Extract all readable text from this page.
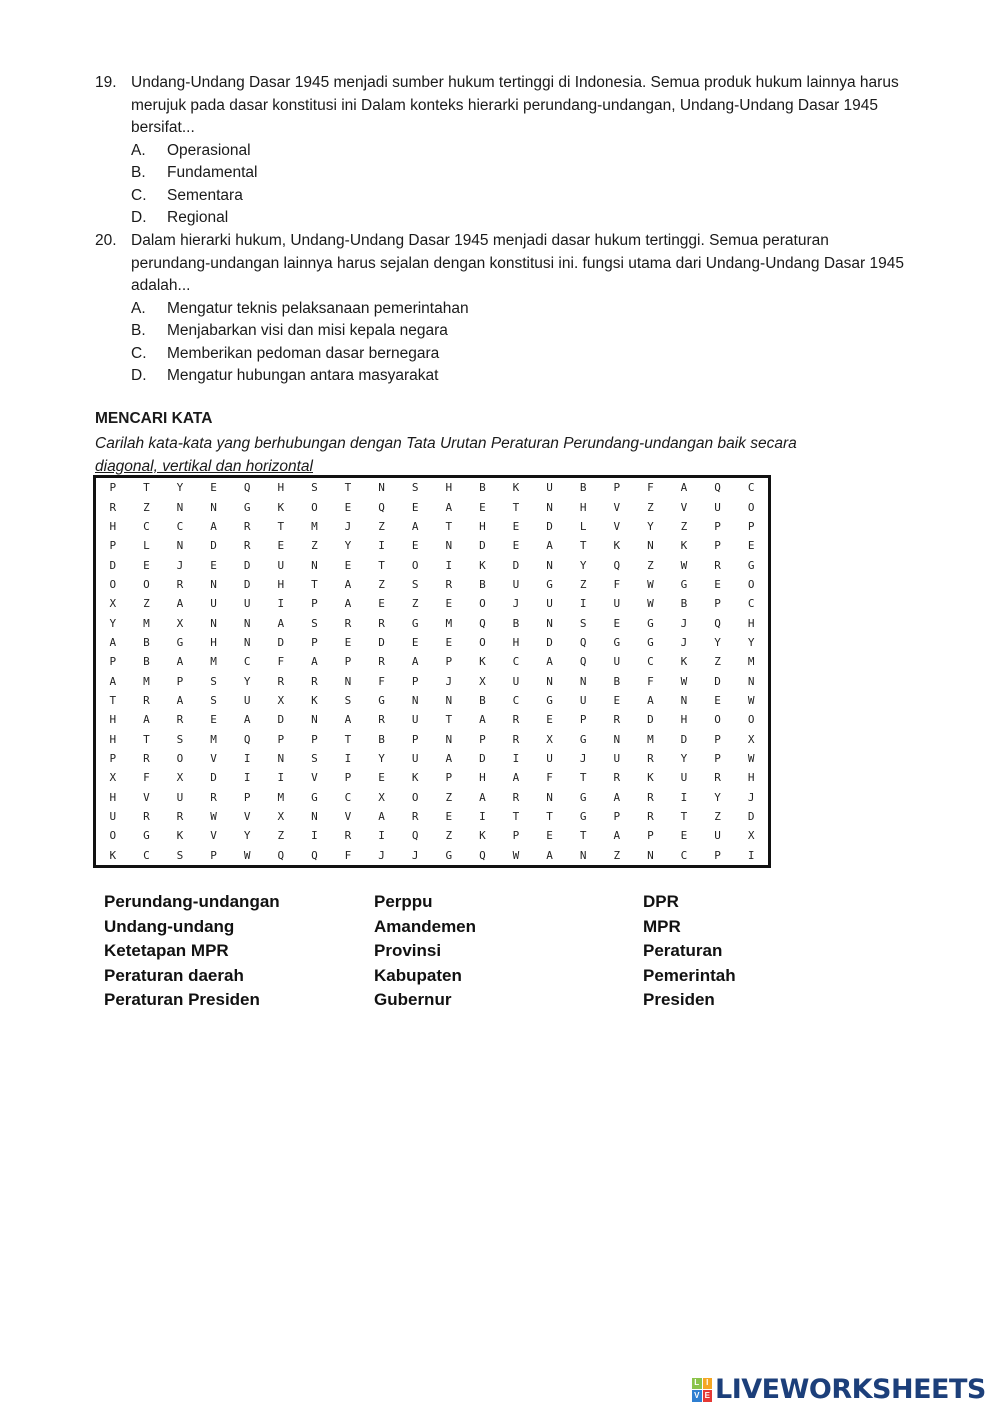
19. Undang-Undang Dasar 1945 menjadi sumber hukum tertinggi di Indonesia. Semua produk hukum lainnya harus merujuk pada dasar konstitusi ini Dalam konteks hierarki perundang-undangan, Undang-Undang Dasar 1945 bersifat...
A.	Operasional
B.	Fundamental
C.	Sementara
D.	Regional
20. Dalam hierarki hukum, Undang-Undang Dasar 1945 menjadi dasar hukum tertinggi. Semua peraturan perundang-undangan lainnya harus sejalan dengan konstitusi ini. fungsi utama dari Undang-Undang Dasar 1945 adalah...
A.	Mengatur teknis pelaksanaan pemerintahan
B.	Menjabarkan visi dan misi kepala negara
C.	Memberikan pedoman dasar bernegara
D.	Mengatur hubungan antara masyarakat
MENCARI KATA
Carilah kata-kata yang berhubungan dengan Tata Urutan Peraturan Perundang-undangan baik secara
diagonal, vertikal dan horizontal
P	T	Y	E	Q	H	S	T	N	S	H	B	K	U	B	P	F	A	Q	C
R	Z	N	N	G	K	O	E	Q	E	A	E	T	N	H	V	Z	V	U	O
H	C	C	A	R	T	M	J	Z	A	T	H	E	D	L	V	Y	Z	P	P
P	L	N	D	R	E	Z	Y	I	E	N	D	E	A	T	K	N	K	P	E
D	E	J	E	D	U	N	E	T	O	I	K	D	N	Y	Q	Z	W	R	G
O	O	R	N	D	H	T	A	Z	S	R	B	U	G	Z	F	W	G	E	O
X	Z	A	U	U	I	P	A	E	Z	E	O	J	U	I	U	W	B	P	C
Y	M	X	N	N	A	S	R	R	G	M	Q	B	N	S	E	G	J	Q	H
A	B	G	H	N	D	P	E	D	E	E	O	H	D	Q	G	G	J	Y	Y
P	B	A	M	C	F	A	P	R	A	P	K	C	A	Q	U	C	K	Z	M
A	M	P	S	Y	R	R	N	F	P	J	X	U	N	N	B	F	W	D	N
T	R	A	S	U	X	K	S	G	N	N	B	C	G	U	E	A	N	E	W
H	A	R	E	A	D	N	A	R	U	T	A	R	E	P	R	D	H	O	O
H	T	S	M	Q	P	P	T	B	P	N	P	R	X	G	N	M	D	P	X
P	R	O	V	I	N	S	I	Y	U	A	D	I	U	J	U	R	Y	P	W
X	F	X	D	I	I	V	P	E	K	P	H	A	F	T	R	K	U	R	H
H	V	U	R	P	M	G	C	X	O	Z	A	R	N	G	A	R	I	Y	J
U	R	R	W	V	X	N	V	A	R	E	I	T	T	G	P	R	T	Z	D
O	G	K	V	Y	Z	I	R	I	Q	Z	K	P	E	T	A	P	E	U	X
K	C	S	P	W	Q	Q	F	J	J	G	Q	W	A	N	Z	N	C	P	I
Perundang-undangan	Perppu	DPR
Undang-undang	Amandemen	MPR
Ketetapan MPR	Provinsi	Peraturan
Peraturan daerah	Kabupaten	Pemerintah
Peraturan Presiden	Gubernur	Presiden
L I
V E LIVEWORKSHEETS
